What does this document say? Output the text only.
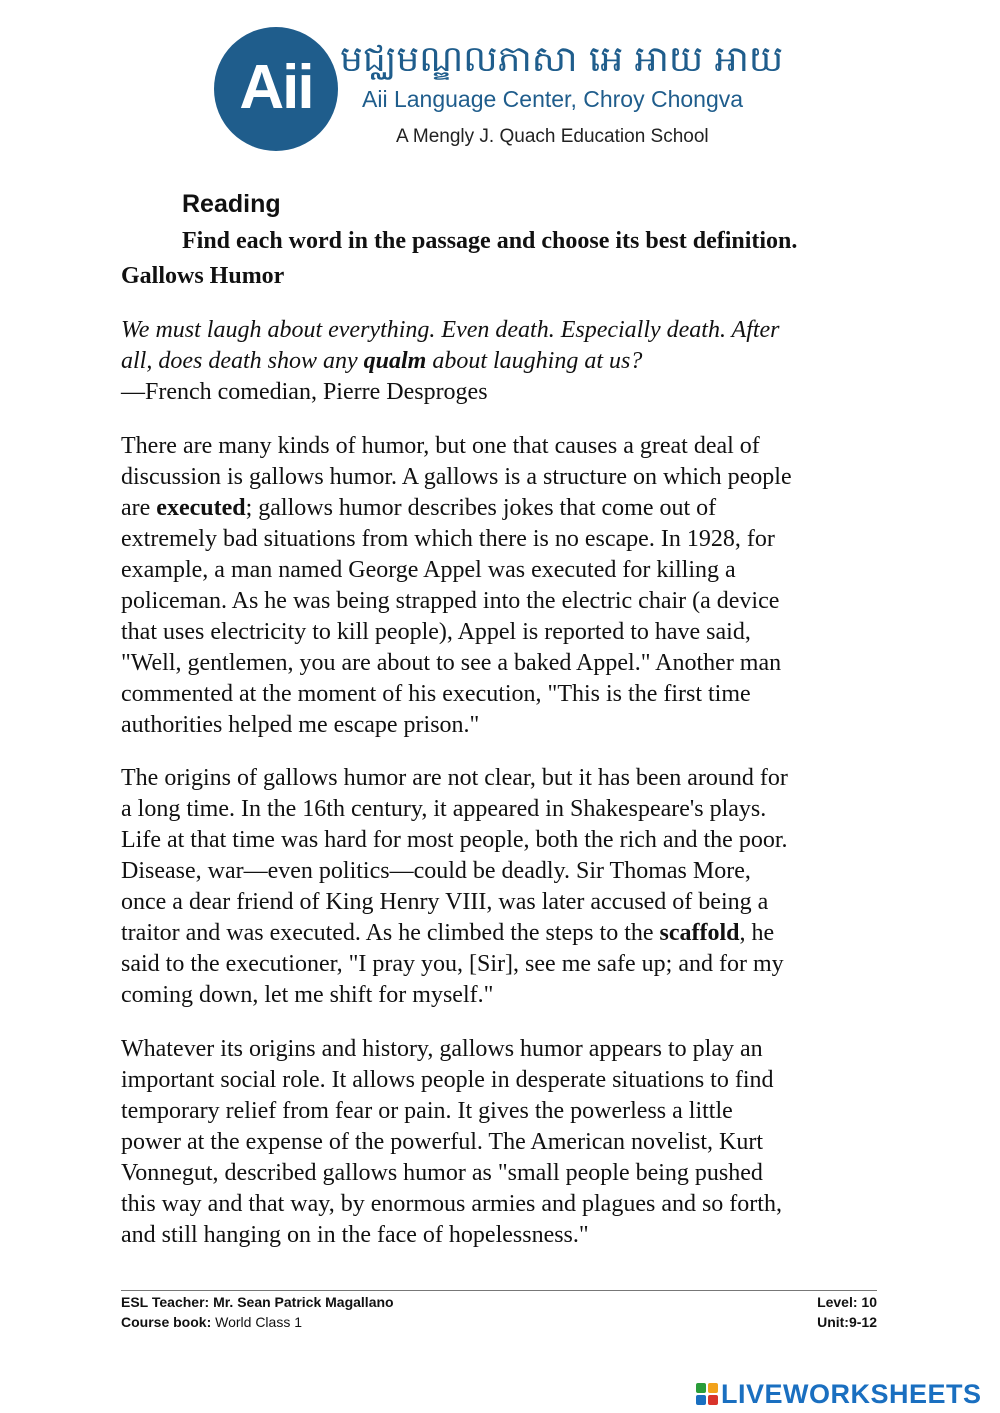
Aii មជ្ឈមណ្ឌលភាសា អេ អាយ អាយ
Aii Language Center, Chroy Chongva
A Mengly J. Quach Education School
Reading
Find each word in the passage and choose its best definition.
Gallows Humor
We must laugh about everything. Even death. Especially death. After
all, does death show any qualm about laughing at us?
—French comedian, Pierre Desproges
There are many kinds of humor, but one that causes a great deal of
discussion is gallows humor. A gallows is a structure on which people
are executed; gallows humor describes jokes that come out of
extremely bad situations from which there is no escape. In 1928, for
example, a man named George Appel was executed for killing a
policeman. As he was being strapped into the electric chair (a device
that uses electricity to kill people), Appel is reported to have said,
"Well, gentlemen, you are about to see a baked Appel." Another man
commented at the moment of his execution, "This is the first time
authorities helped me escape prison."
The origins of gallows humor are not clear, but it has been around for
a long time. In the 16th century, it appeared in Shakespeare's plays.
Life at that time was hard for most people, both the rich and the poor.
Disease, war—even politics—could be deadly. Sir Thomas More,
once a dear friend of King Henry VIII, was later accused of being a
traitor and was executed. As he climbed the steps to the scaffold, he
said to the executioner, "I pray you, [Sir], see me safe up; and for my
coming down, let me shift for myself."
Whatever its origins and history, gallows humor appears to play an
important social role. It allows people in desperate situations to find
temporary relief from fear or pain. It gives the powerless a little
power at the expense of the powerful. The American novelist, Kurt
Vonnegut, described gallows humor as "small people being pushed
this way and that way, by enormous armies and plagues and so forth,
and still hanging on in the face of hopelessness."
ESL Teacher: Mr. Sean Patrick Magallano	Level: 10
Course book: World Class 1	Unit:9-12
LIVEWORKSHEETS
